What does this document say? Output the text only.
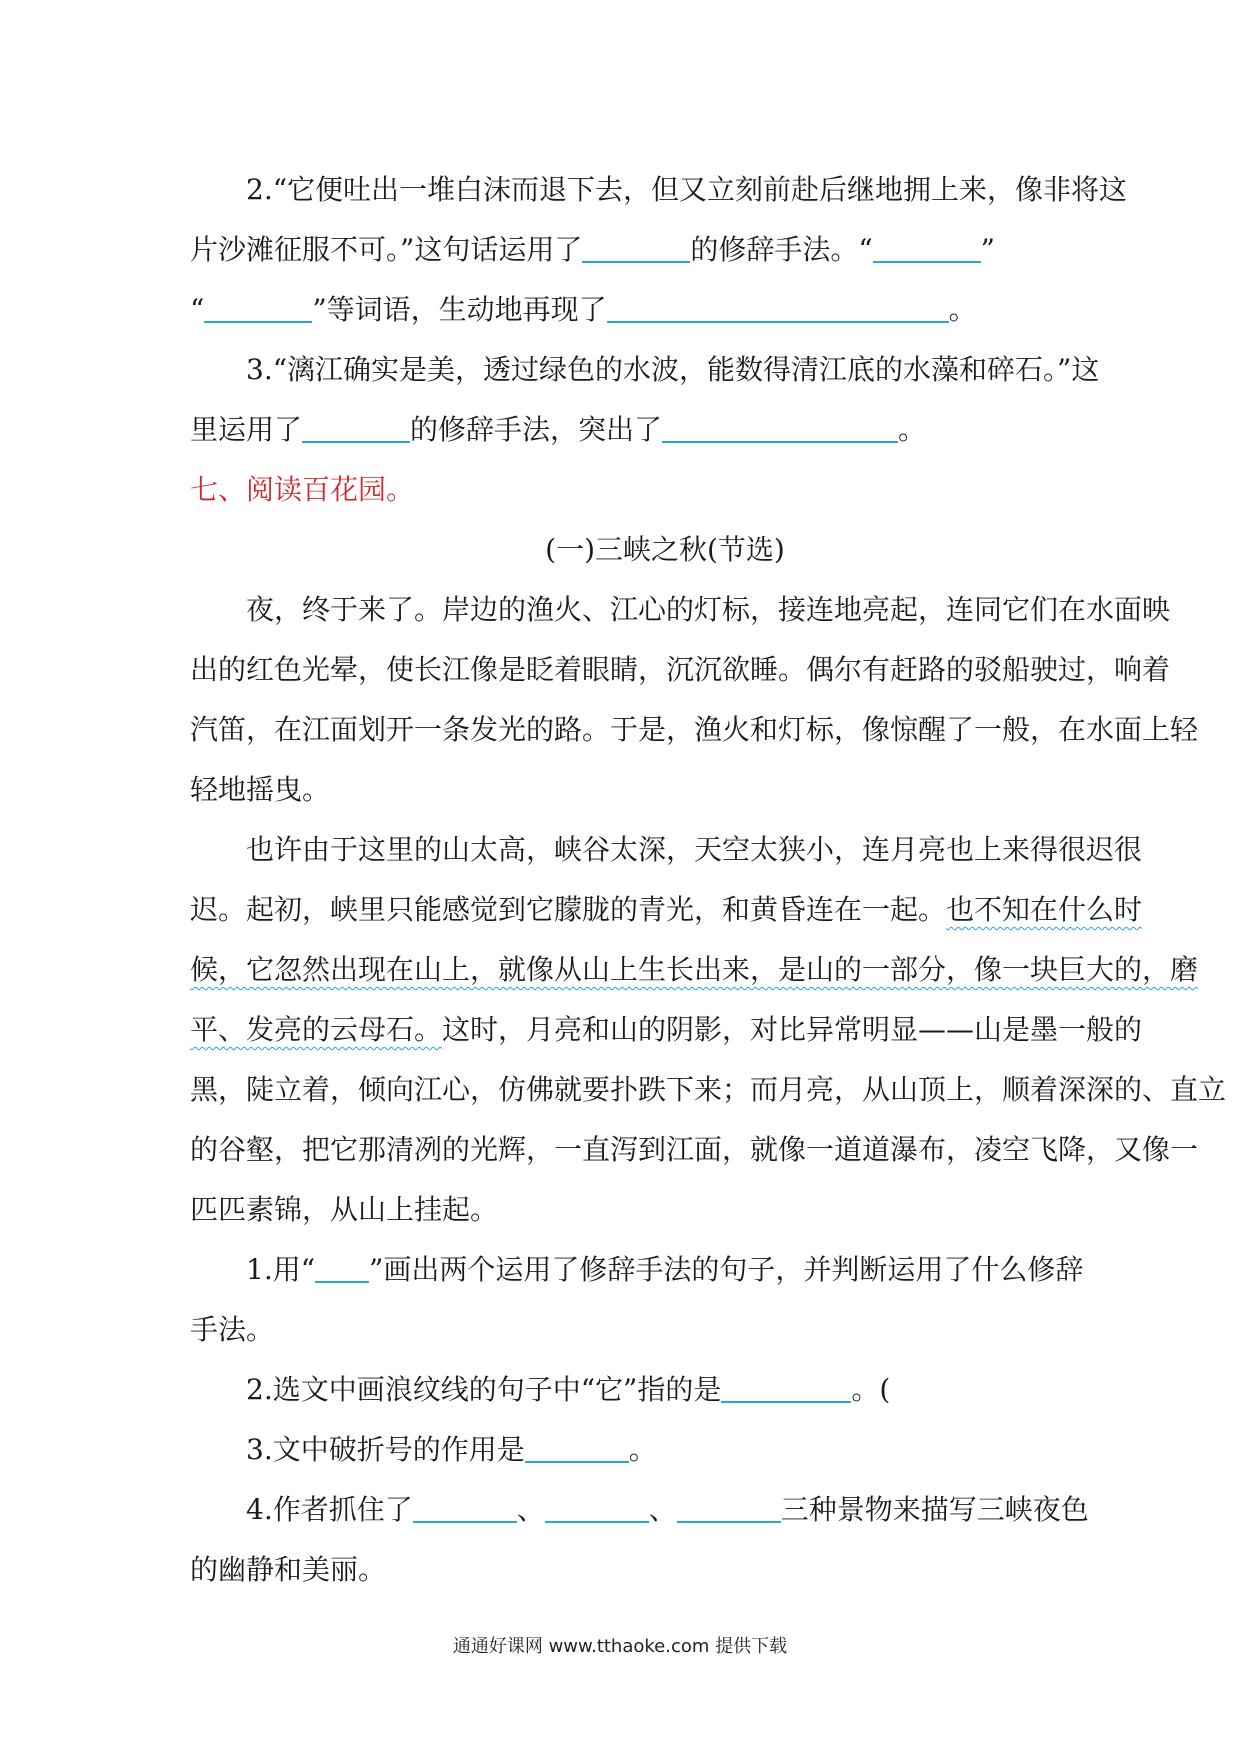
2.“它便吐出一堆白沫而退下去，但又立刻前赴后继地拥上来，像非将这
片沙滩征服不可。”这句话运用了	的修辞手法。“	”
“	”等词语，生动地再现了	。
3.“漓江确实是美，透过绿色的水波，能数得清江底的水藻和碎石。”这
里运用了	的修辞手法，突出了	。
七、阅读百花园。
(一)三峡之秋(节选)
夜，终于来了。岸边的渔火、江心的灯标，接连地亮起，连同它们在水面映
出的红色光晕，使长江像是眨着眼睛，沉沉欲睡。偶尔有赶路的驳船驶过，响着
汽笛，在江面划开一条发光的路。于是，渔火和灯标，像惊醒了一般，在水面上轻
轻地摇曳。
也许由于这里的山太高，峡谷太深，天空太狭小，连月亮也上来得很迟很
迟。起初，峡里只能感觉到它朦胧的青光，和黄昏连在一起。也不知在什么时
候，它忽然出现在山上，就像从山上生长出来，是山的一部分，像一块巨大的，磨
平、发亮的云母石。这时，月亮和山的阴影，对比异常明显——山是墨一般的
黑，陡立着，倾向江心，仿佛就要扑跌下来；而月亮，从山顶上，顺着深深的、直立
的谷壑，把它那清冽的光辉，一直泻到江面，就像一道道瀑布，凌空飞降，又像一
匹匹素锦，从山上挂起。
1.用“ ”画出两个运用了修辞手法的句子，并判断运用了什么修辞
手法。
2.选文中画浪纹线的句子中“它”指的是	。(
3.文中破折号的作用是	。
4.作者抓住了	、	、	三种景物来描写三峡夜色
的幽静和美丽。
通通好课网 www.tthaoke.com 提供下载
